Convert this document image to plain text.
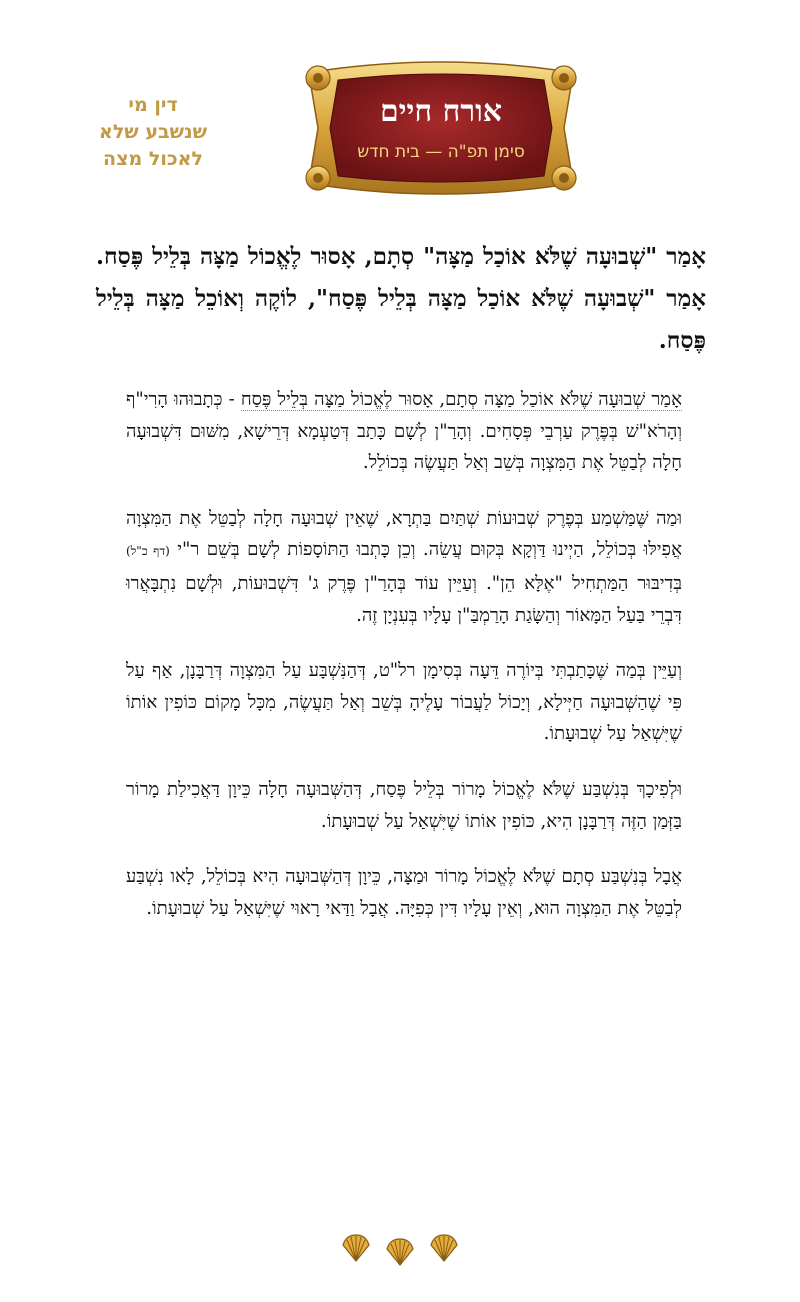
דין מי
שנשבע שלא
לאכול מצה
אורח חיים
סימן תפ"ה — בית חדש

אָמַר "שְׁבוּעָה שֶׁלֹּא אוֹכַל מַצָּה" סְתָם, אָסוּר לֶאֱכוֹל מַצָּה בְּלֵיל פֶּסַח. אָמַר "שְׁבוּעָה שֶׁלֹּא אוֹכַל מַצָּה בְּלֵיל פֶּסַח", לוֹקֶה וְאוֹכֵל מַצָּה בְּלֵיל פֶּסַח.

אָמַר שְׁבוּעָה שֶׁלֹּא אוֹכַל מַצָּה סְתָם, אָסוּר לֶאֱכוֹל מַצָּה בְּלֵיל פֶּסַח - כְּתָבוּהוּ הָרִי"ף וְהָרֹא"שׁ בְּפֶּרֶק עַרְבֵי פְּסָחִים. וְהָרַ"ן לְשָׁם כָּתַב דְּטַעְמָא דְּרֵישָׁא, מִשּׁוּם דִּשְׁבוּעָה חָלָה לְבַטֵּל אֶת הַמִּצְוָה בְּשֵׁב וְאַל תַּעֲשֶׂה בְּכוֹלֵל.

וּמַה שֶּׁמַּשְׁמַע בְּפֶרֶק שְׁבוּעוֹת שְׁתַּיִם בַּתְרָא, שֶׁאֵין שְׁבוּעָה חָלָה לְבַטֵּל אֶת הַמִּצְוָה אֲפִילּוּ בְּכוֹלֵל, הַיְינוּ דַּוְקָא בְּקוּם עֲשֵׂה. וְכֵן כָּתְבוּ הַתּוֹסָפוֹת לְשָׁם בְּשֵׁם ר"י (דף כ"ל) בְּדִיבּוּר הַמַּתְחִיל "אֶלָּא הֵן". וְעַיֵּין עוֹד בְּהָרַ"ן פֶּרֶק ג' דִּשְׁבוּעוֹת, וּלְשָׁם נִתְבָּאֲרוּ דִּבְרֵי בַּעַל הַמָּאוֹר וְהַשָּׂגַת הָרַמְבַּ"ן עָלָיו בְּעִנְיָן זֶה.

וְעַיֵּין בְּמַה שֶּׁכָּתַבְתִּי בְּיוֹרֶה דֵּעָה בְּסִימָן רל"ט, דְּהַנִּשְׁבָּע עַל הַמִּצְוָה דְּרַבָּנָן, אַף עַל פִּי שֶׁהַשְּׁבוּעָה חַיְּילָא, וְיָכוֹל לַעֲבוֹר עָלֶיהָ בְּשֵׁב וְאַל תַּעֲשֶׂה, מִכָּל מָקוֹם כּוֹפִין אוֹתוֹ שֶׁיִּשְׁאַל עַל שְׁבוּעָתוֹ.

וּלְפִיכָךְ בְּנִשְׁבַּע שֶׁלֹּא לֶאֱכוֹל מָרוֹר בְּלֵיל פֶּסַח, דְּהַשְּׁבוּעָה חָלָה כֵּיוָן דַּאֲכִילַת מָרוֹר בַּזְּמַן הַזֶּה דְּרַבָּנָן הִיא, כּוֹפִין אוֹתוֹ שֶׁיִּשְׁאַל עַל שְׁבוּעָתוֹ.

אֲבָל בְּנִשְׁבַּע סְתָם שֶׁלֹּא לֶאֱכוֹל מָרוֹר וּמַצָּה, כֵּיוָן דְּהַשְּׁבוּעָה הִיא בְּכוֹלֵל, לָאו נִשְׁבַּע לְבַטֵּל אֶת הַמִּצְוָה הוּא, וְאֵין עָלָיו דִּין כְּפִיָּה. אֲבָל וַדַּאי רָאוּי שֶׁיִּשְׁאַל עַל שְׁבוּעָתוֹ.
